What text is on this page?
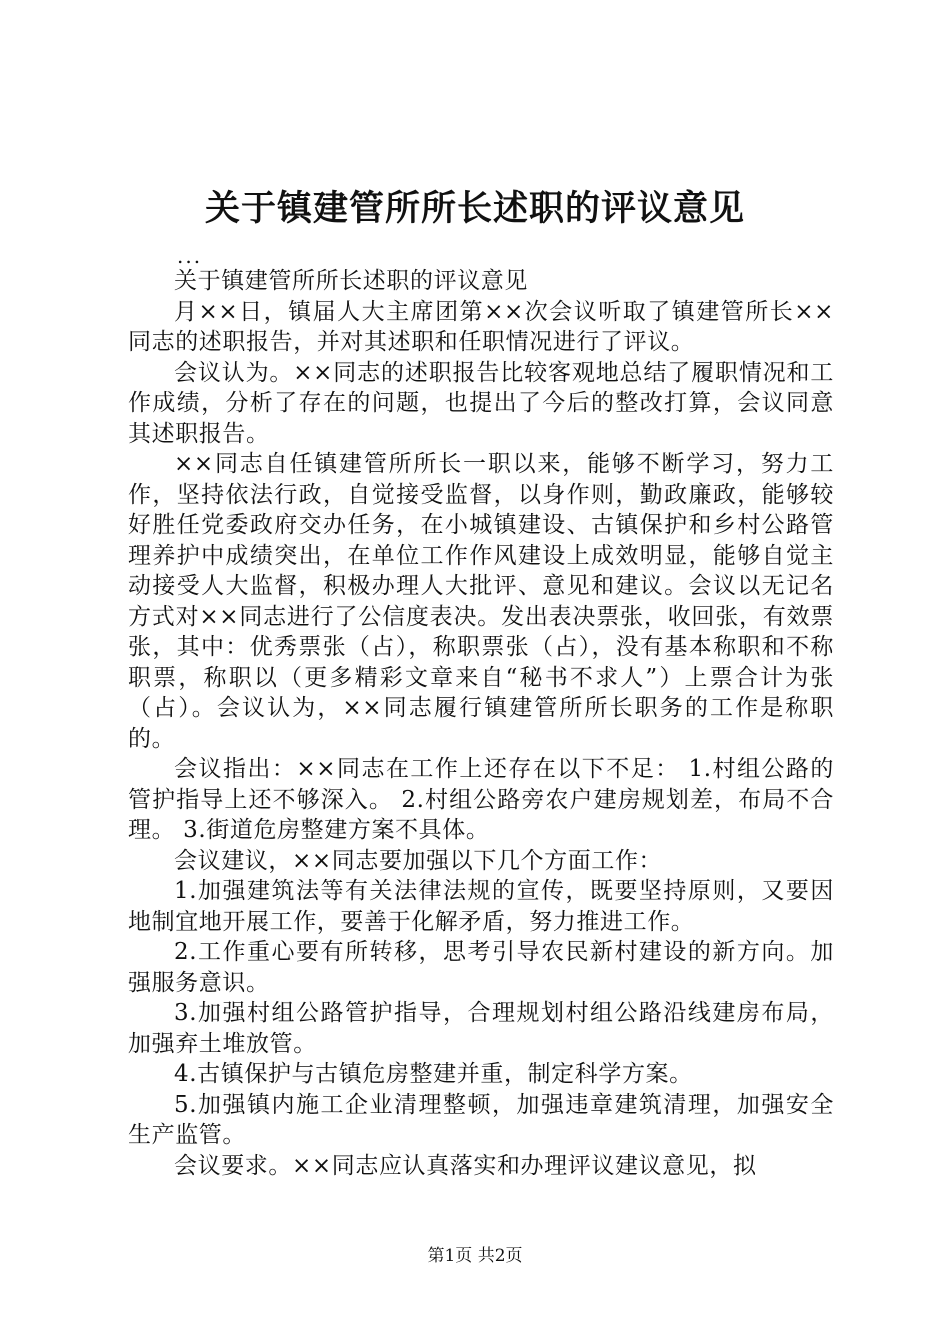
关于镇建管所所长述职的评议意见
...

关于镇建管所所长述职的评议意见

月××日，镇届人大主席团第××次会议听取了镇建管所长××同志的述职报告，并对其述职和任职情况进行了评议。

会议认为。××同志的述职报告比较客观地总结了履职情况和工作成绩，分析了存在的问题，也提出了今后的整改打算，会议同意其述职报告。

××同志自任镇建管所所长一职以来，能够不断学习，努力工作，坚持依法行政，自觉接受监督，以身作则，勤政廉政，能够较好胜任党委政府交办任务，在小城镇建设、古镇保护和乡村公路管理养护中成绩突出，在单位工作作风建设上成效明显，能够自觉主动接受人大监督，积极办理人大批评、意见和建议。会议以无记名方式对××同志进行了公信度表决。发出表决票张，收回张，有效票张，其中：优秀票张（占），称职票张（占），没有基本称职和不称职票，称职以（更多精彩文章来自“秘书不求人”）上票合计为张（占）。会议认为，××同志履行镇建管所所长职务的工作是称职的。

会议指出：××同志在工作上还存在以下不足： 1.村组公路的管护指导上还不够深入。 2.村组公路旁农户建房规划差，布局不合理。 3.街道危房整建方案不具体。

会议建议，××同志要加强以下几个方面工作：

1.加强建筑法等有关法律法规的宣传，既要坚持原则，又要因地制宜地开展工作，要善于化解矛盾，努力推进工作。

2.工作重心要有所转移，思考引导农民新村建设的新方向。加强服务意识。

3.加强村组公路管护指导，合理规划村组公路沿线建房布局，加强弃土堆放管。

4.古镇保护与古镇危房整建并重，制定科学方案。

5.加强镇内施工企业清理整顿，加强违章建筑清理，加强安全生产监管。

会议要求。××同志应认真落实和办理评议建议意见，拟

第1页 共2页
